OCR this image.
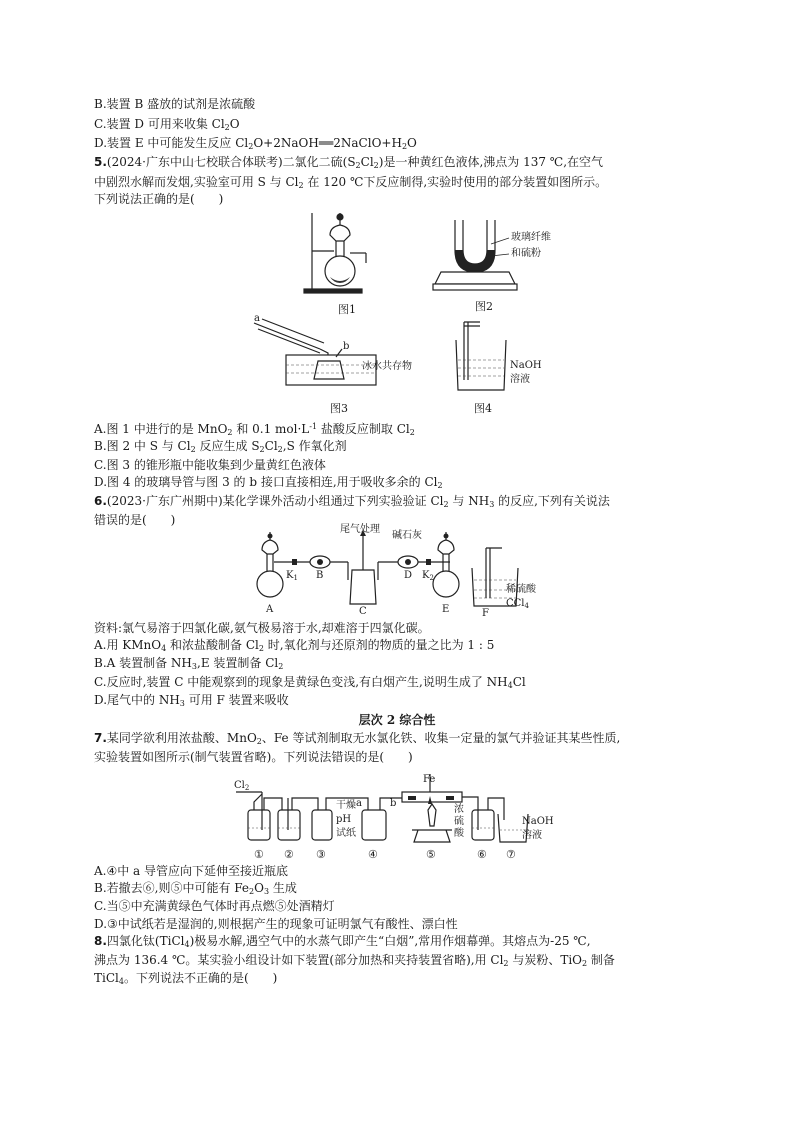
B.装置 B 盛放的试剂是浓硫酸
C.装置 D 可用来收集 $Cl_2O$
D.装置 E 中可能发生反应 $Cl_2O+2NaOH══2NaClO+H_2O$
5.(2024·广东中山七校联合体联考)二氯化二硫$(S_2Cl_2)$是一种黄红色液体,沸点为 137 ℃,在空气
中剧烈水解而发烟,实验室可用 S 与 $Cl_2$ 在 120 ℃下反应制得,实验时使用的部分装置如图所示。
下列说法正确的是(　　)
图1
玻璃纤维
和硫粉
图2
a
b
冰水共存物
图3
NaOH
溶液
图4
A.图 1 中进行的是 MnO$_2$ 和 0.1 $mol\cdot L^{-1}$ 盐酸反应制取 $Cl_2$
B.图 2 中 S 与 $Cl_2$ 反应生成 $S_2Cl_2,S$ 作氧化剂
C.图 3 的锥形瓶中能收集到少量黄红色液体
D.图 4 的玻璃导管与图 3 的 b 接口直接相连,用于吸收多余的 $Cl_2$
6.(2023·广东广州期中)某化学课外活动小组通过下列实验验证 $Cl_2$ 与 $NH_3$ 的反应,下列有关说法
错误的是(　　)
尾气处理
碱石灰
$K_1$	$K_2$
B	D
A	C	E	F
稀硫酸
CCl$_4$
资料:氯气易溶于四氯化碳,氨气极易溶于水,却难溶于四氯化碳。
A.用 KMnO$_4$ 和浓盐酸制备 $Cl_2$ 时,氧化剂与还原剂的物质的量之比为 1 : 5
B.A 装置制备 $NH_3,E$ 装置制备 $Cl_2$
C.反应时,装置 C 中能观察到的现象是黄绿色变浅,有白烟产生,说明生成了 $NH_4Cl$
D.尾气中的 $NH_3$ 可用 F 装置来吸收
层次 2 综合性
7.某同学欲利用浓盐酸、MnO$_2$、Fe 等试剂制取无水氯化铁、收集一定量的氯气并验证其某些性质,
实验装置如图所示(制气装置省略)。下列说法错误的是(　　)
$Cl_2$
Fe
干燥
pH
试纸
a	b
浓
硫
酸
NaOH
溶液
① ② ③	④	⑤	⑥ ⑦
A.④中 a 导管应向下延伸至接近瓶底
B.若撤去⑥,则⑤中可能有 $Fe_2O_3$ 生成
C.当⑤中充满黄绿色气体时再点燃⑤处酒精灯
D.③中试纸若是湿润的,则根据产生的现象可证明氯气有酸性、漂白性
8.四氯化钛(TiCl$_4$)极易水解,遇空气中的水蒸气即产生“白烟”,常用作烟幕弹。其熔点为-25 ℃,
沸点为 136.4 ℃。某实验小组设计如下装置(部分加热和夹持装置省略),用 $Cl_2$ 与炭粉、TiO$_2$ 制备
TiCl$_4$。下列说法不正确的是(　　)
